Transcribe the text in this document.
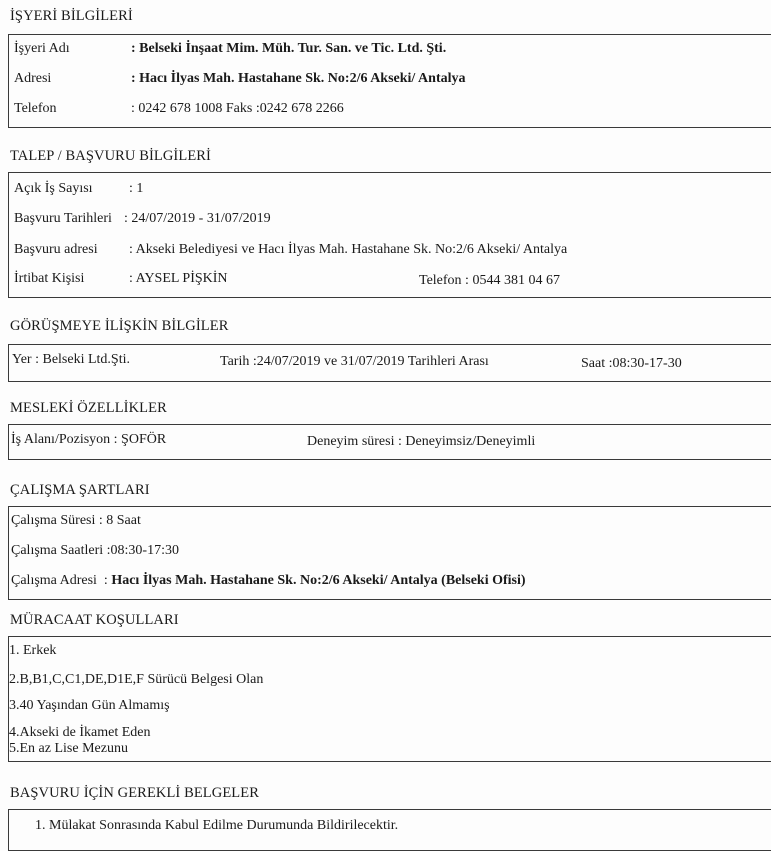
İŞYERİ BİLGİLERİ
İşyeri Adı	: Belseki İnşaat Mim. Müh. Tur. San. ve Tic. Ltd. Şti.
Adresi	: Hacı İlyas Mah. Hastahane Sk. No:2/6 Akseki/ Antalya
Telefon	: 0242 678 1008 Faks :0242 678 2266
TALEP / BAŞVURU BİLGİLERİ
Açık İş Sayısı	: 1
Başvuru Tarihleri : 24/07/2019 - 31/07/2019
Başvuru adresi : Akseki Belediyesi ve Hacı İlyas Mah. Hastahane Sk. No:2/6 Akseki/ Antalya
İrtibat Kişisi	: AYSEL PİŞKİN	Telefon : 0544 381 04 67
GÖRÜŞMEYE İLİŞKİN BİLGİLER
Yer : Belseki Ltd.Şti.	Tarih :24/07/2019 ve 31/07/2019 Tarihleri Arası	Saat :08:30-17-30
MESLEKİ ÖZELLİKLER
İş Alanı/Pozisyon : ŞOFÖR	Deneyim süresi : Deneyimsiz/Deneyimli
ÇALIŞMA ŞARTLARI
Çalışma Süresi : 8 Saat
Çalışma Saatleri :08:30-17:30
Çalışma Adresi  : Hacı İlyas Mah. Hastahane Sk. No:2/6 Akseki/ Antalya (Belseki Ofisi)
MÜRACAAT KOŞULLARI
1. Erkek
2.B,B1,C,C1,DE,D1E,F Sürücü Belgesi Olan
3.40 Yaşından Gün Almamış
4.Akseki de İkamet Eden
5.En az Lise Mezunu
BAŞVURU İÇİN GEREKLİ BELGELER
1. Mülakat Sonrasında Kabul Edilme Durumunda Bildirilecektir.
